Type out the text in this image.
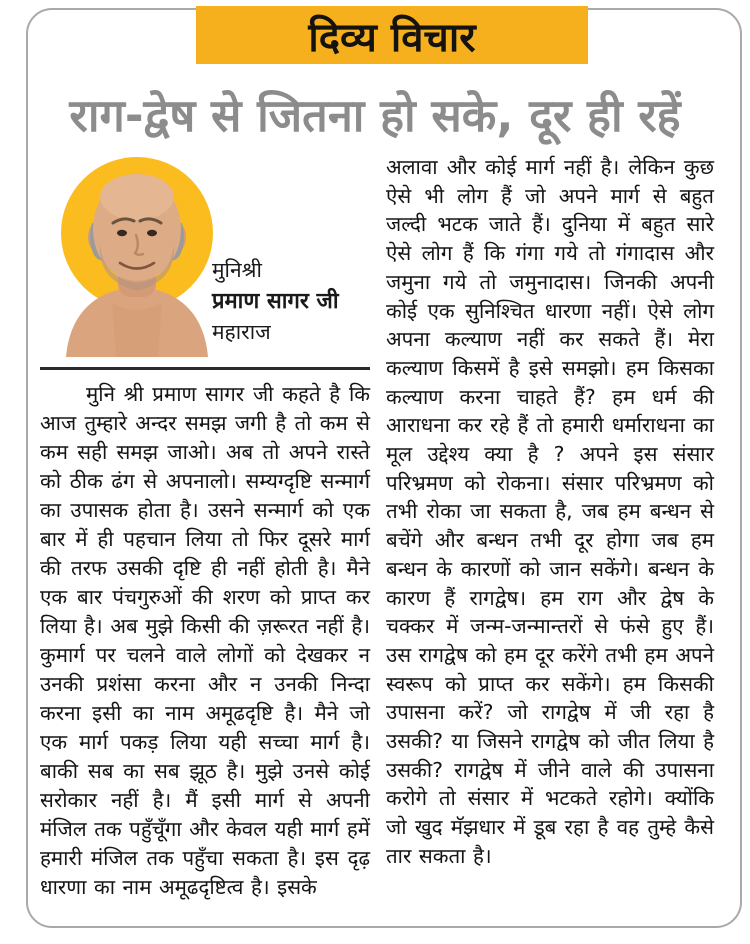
दिव्य विचार
राग-द्वेष से जितना हो सके, दूर ही रहें
मुनिश्री
प्रमाण सागर जी
महाराज

मुनि श्री प्रमाण सागर जी कहते है कि आज तुम्हारे अन्दर समझ जगी है तो कम से कम सही समझ जाओ। अब तो अपने रास्ते को ठीक ढंग से अपनालो। सम्यग्दृष्टि सन्मार्ग का उपासक होता है। उसने सन्मार्ग को एक बार में ही पहचान लिया तो फिर दूसरे मार्ग की तरफ उसकी दृष्टि ही नहीं होती है। मैने एक बार पंचगुरुओं की शरण को प्राप्त कर लिया है। अब मुझे किसी की ज़रूरत नहीं है। कुमार्ग पर चलने वाले लोगों को देखकर न उनकी प्रशंसा करना और न उनकी निन्दा करना इसी का नाम अमूढदृष्टि है। मैने जो एक मार्ग पकड़ लिया यही सच्चा मार्ग है। बाकी सब का सब झूठ है। मुझे उनसे कोई सरोकार नहीं है। मैं इसी मार्ग से अपनी मंजिल तक पहुँचूँगा और केवल यही मार्ग हमें हमारी मंजिल तक पहुँचा सकता है। इस दृढ़ धारणा का नाम अमूढदृष्टित्व है। इसके

अलावा और कोई मार्ग नहीं है। लेकिन कुछ ऐसे भी लोग हैं जो अपने मार्ग से बहुत जल्दी भटक जाते हैं। दुनिया में बहुत सारे ऐसे लोग हैं कि गंगा गये तो गंगादास और जमुना गये तो जमुनादास। जिनकी अपनी कोई एक सुनिश्चित धारणा नहीं। ऐसे लोग अपना कल्याण नहीं कर सकते हैं। मेरा कल्याण किसमें है इसे समझो। हम किसका कल्याण करना चाहते हैं? हम धर्म की आराधना कर रहे हैं तो हमारी धर्माराधना का मूल उद्देश्य क्या है ? अपने इस संसार परिभ्रमण को रोकना। संसार परिभ्रमण को तभी रोका जा सकता है, जब हम बन्धन से बचेंगे और बन्धन तभी दूर होगा जब हम बन्धन के कारणों को जान सकेंगे। बन्धन के कारण हैं रागद्वेष। हम राग और द्वेष के चक्कर में जन्म-जन्मान्तरों से फंसे हुए हैं। उस रागद्वेष को हम दूर करेंगे तभी हम अपने स्वरूप को प्राप्त कर सकेंगे। हम किसकी उपासना करें? जो रागद्वेष में जी रहा है उसकी? या जिसने रागद्वेष को जीत लिया है उसकी? रागद्वेष में जीने वाले की उपासना करोगे तो संसार में भटकते रहोगे। क्योंकि जो खुद मॅझधार में डूब रहा है वह तुम्हे कैसे तार सकता है।
